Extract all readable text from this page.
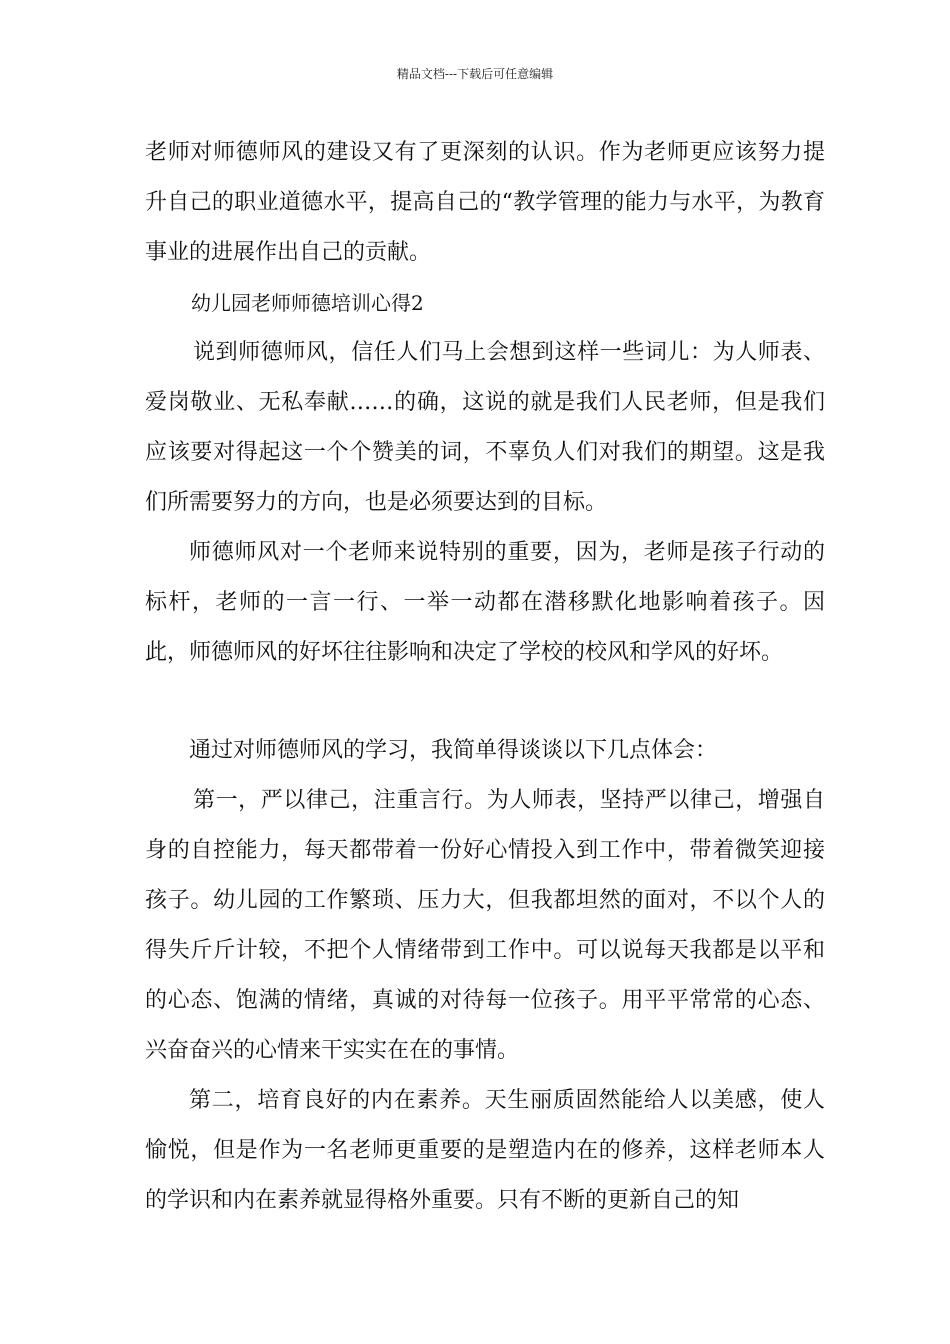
精品文档---下载后可任意编辑

老师对师德师风的建设又有了更深刻的认识。作为老师更应该努力提升自己的职业道德水平，提高自己的“教学管理的能力与水平，为教育事业的进展作出自己的贡献。

幼儿园老师师德培训心得2

说到师德师风，信任人们马上会想到这样一些词儿：为人师表、爱岗敬业、无私奉献……的确，这说的就是我们人民老师，但是我们应该要对得起这一个个赞美的词，不辜负人们对我们的期望。这是我们所需要努力的方向，也是必须要达到的目标。

师德师风对一个老师来说特别的重要，因为，老师是孩子行动的标杆，老师的一言一行、一举一动都在潜移默化地影响着孩子。因此，师德师风的好坏往往影响和决定了学校的校风和学风的好坏。

通过对师德师风的学习，我简单得谈谈以下几点体会：

第一，严以律己，注重言行。为人师表，坚持严以律己，增强自身的自控能力，每天都带着一份好心情投入到工作中，带着微笑迎接孩子。幼儿园的工作繁琐、压力大，但我都坦然的面对，不以个人的得失斤斤计较，不把个人情绪带到工作中。可以说每天我都是以平和的心态、饱满的情绪，真诚的对待每一位孩子。用平平常常的心态、兴奋奋兴的心情来干实实在在的事情。

第二，培育良好的内在素养。天生丽质固然能给人以美感，使人愉悦，但是作为一名老师更重要的是塑造内在的修养，这样老师本人的学识和内在素养就显得格外重要。只有不断的更新自己的知
